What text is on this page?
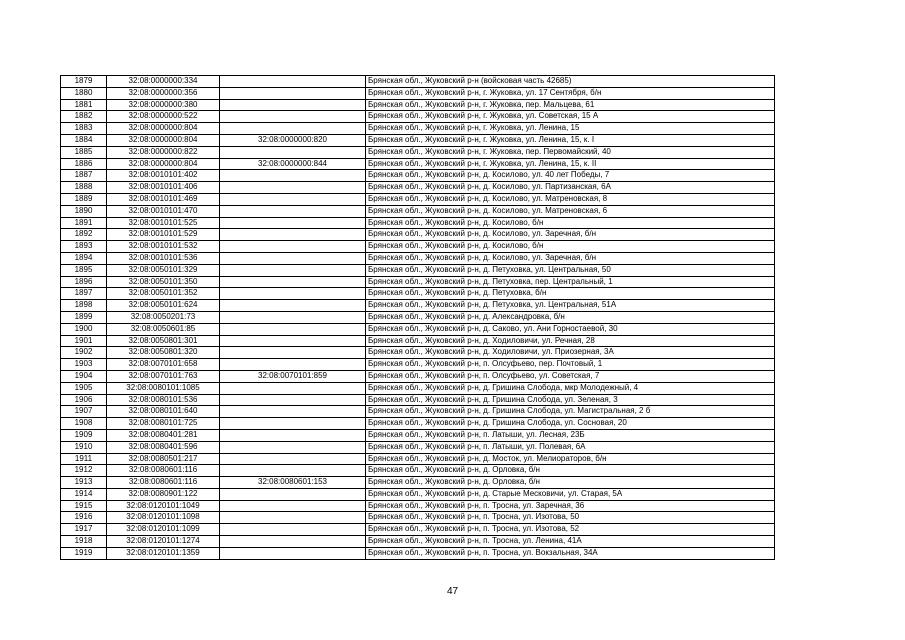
1879	32:08:0000000:334		Брянская обл., Жуковский р-н (войсковая часть 42685)
1880	32:08:0000000:356		Брянская обл., Жуковский р-н, г. Жуковка, ул. 17 Сентября, б/н
1881	32:08:0000000:380		Брянская обл., Жуковский р-н, г. Жуковка, пер. Мальцева, 61
1882	32:08:0000000:522		Брянская обл., Жуковский р-н, г. Жуковка, ул. Советская, 15 А
1883	32:08:0000000:804		Брянская обл., Жуковский р-н, г. Жуковка, ул. Ленина, 15
1884	32:08:0000000:804	32:08:0000000:820	Брянская обл., Жуковский р-н, г. Жуковка, ул. Ленина, 15, к. I
1885	32:08:0000000:822		Брянская обл., Жуковский р-н, г. Жуковка, пер. Первомайский, 40
1886	32:08:0000000:804	32:08:0000000:844	Брянская обл., Жуковский р-н, г. Жуковка, ул. Ленина, 15, к. II
1887	32:08:0010101:402		Брянская обл., Жуковский р-н, д. Косилово, ул. 40 лет Победы, 7
1888	32:08:0010101:406		Брянская обл., Жуковский р-н, д. Косилово, ул. Партизанская, 6А
1889	32:08:0010101:469		Брянская обл., Жуковский р-н, д. Косилово, ул. Матреновская, 8
1890	32:08:0010101:470		Брянская обл., Жуковский р-н, д. Косилово, ул. Матреновская, 6
1891	32:08:0010101:525		Брянская обл., Жуковский р-н, д. Косилово, б/н
1892	32:08:0010101:529		Брянская обл., Жуковский р-н, д. Косилово, ул. Заречная, б/н
1893	32:08:0010101:532		Брянская обл., Жуковский р-н, д. Косилово, б/н
1894	32:08:0010101:536		Брянская обл., Жуковский р-н, д. Косилово, ул. Заречная, б/н
1895	32:08:0050101:329		Брянская обл., Жуковский р-н, д. Петуховка, ул. Центральная, 50
1896	32:08:0050101:350		Брянская обл., Жуковский р-н, д. Петуховка, пер. Центральный, 1
1897	32:08:0050101:352		Брянская обл., Жуковский р-н, д. Петуховка, б/н
1898	32:08:0050101:624		Брянская обл., Жуковский р-н, д. Петуховка, ул. Центральная, 51А
1899	32:08:0050201:73		Брянская обл., Жуковский р-н, д. Александровка, б/н
1900	32:08:0050601:85		Брянская обл., Жуковский р-н, д. Саково, ул. Ани Горностаевой, 30
1901	32:08:0050801:301		Брянская обл., Жуковский р-н, д. Ходиловичи, ул. Речная, 28
1902	32:08:0050801:320		Брянская обл., Жуковский р-н, д. Ходиловичи, ул. Приозерная, 3А
1903	32:08:0070101:658		Брянская обл., Жуковский р-н, п. Олсуфьево, пер. Почтовый, 1
1904	32:08:0070101:763	32:08:0070101:859	Брянская обл., Жуковский р-н, п. Олсуфьево, ул. Советская, 7
1905	32:08:0080101:1085		Брянская обл., Жуковский р-н, д. Гришина Слобода, мкр Молодежный, 4
1906	32:08:0080101:536		Брянская обл., Жуковский р-н, д. Гришина Слобода, ул. Зеленая, 3
1907	32:08:0080101:640		Брянская обл., Жуковский р-н, д. Гришина Слобода, ул. Магистральная, 2 б
1908	32:08:0080101:725		Брянская обл., Жуковский р-н, д. Гришина Слобода, ул. Сосновая, 20
1909	32:08:0080401:281		Брянская обл., Жуковский р-н, п. Латыши, ул. Лесная, 23Б
1910	32:08:0080401:596		Брянская обл., Жуковский р-н, п. Латыши, ул. Полевая, 6А
1911	32:08:0080501:217		Брянская обл., Жуковский р-н, д. Мосток, ул. Мелиораторов, б/н
1912	32:08:0080601:116		Брянская обл., Жуковский р-н, д. Орловка, б/н
1913	32:08:0080601:116	32:08:0080601:153	Брянская обл., Жуковский р-н, д. Орловка, б/н
1914	32:08:0080901:122		Брянская обл., Жуковский р-н, д. Старые Месковичи, ул. Старая, 5А
1915	32:08:0120101:1049		Брянская обл., Жуковский р-н, п. Тросна, ул. Заречная, 36
1916	32:08:0120101:1098		Брянская обл., Жуковский р-н, п. Тросна, ул. Изотова, 50
1917	32:08:0120101:1099		Брянская обл., Жуковский р-н, п. Тросна, ул. Изотова, 52
1918	32:08:0120101:1274		Брянская обл., Жуковский р-н, п. Тросна, ул. Ленина, 41А
1919	32:08:0120101:1359		Брянская обл., Жуковский р-н, п. Тросна, ул. Вокзальная, 34А
47
